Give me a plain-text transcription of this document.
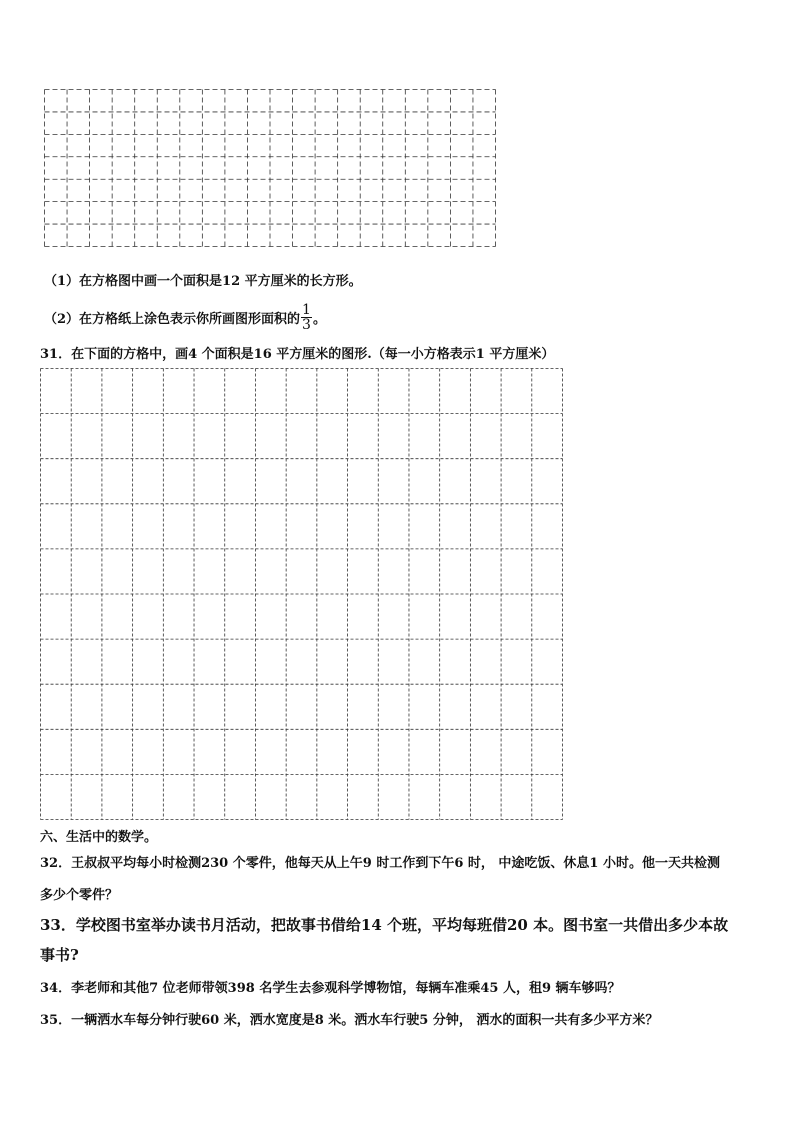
（1）在方格图中画一个面积是12 平方厘米的长方形。
（2）在方格纸上涂色表示你所画图形面积的 $\frac{1}{3}$ 。
31．在下面的方格中，画4 个面积是16 平方厘米的图形.（每一小方格表示1 平方厘米）
六、生活中的数学。
32．王叔叔平均每小时检测230 个零件，他每天从上午9 时工作到下午6 时， 中途吃饭、休息1 小时。他一天共检测
多少个零件？
33．学校图书室举办读书月活动，把故事书借给14 个班，平均每班借20 本。图书室一共借出多少本故
事书?
34．李老师和其他7 位老师带领398 名学生去参观科学博物馆，每辆车准乘45 人，租9 辆车够吗？
35．一辆洒水车每分钟行驶60 米，洒水宽度是8 米。洒水车行驶5 分钟， 洒水的面积一共有多少平方米？
